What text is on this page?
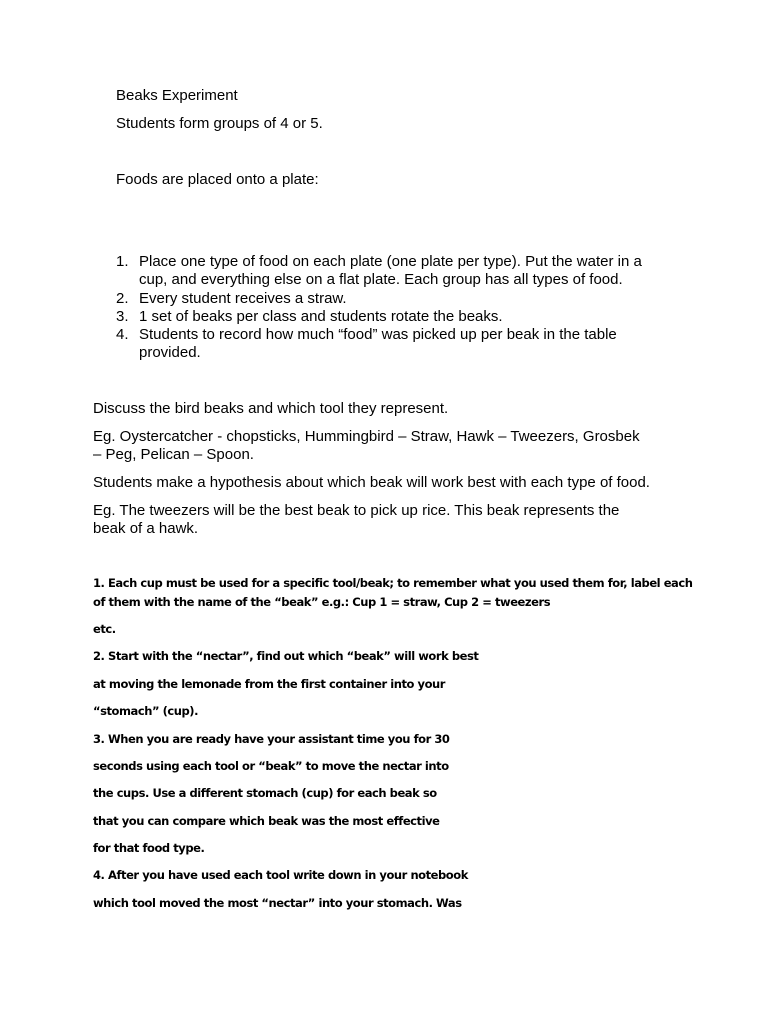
Beaks Experiment
Students form groups of 4 or 5.
Foods are placed onto a plate:
1. Place one type of food on each plate (one plate per type). Put the water in a
cup, and everything else on a flat plate. Each group has all types of food.
2. Every student receives a straw.
3. 1 set of beaks per class and students rotate the beaks.
4. Students to record how much “food” was picked up per beak in the table
provided.
Discuss the bird beaks and which tool they represent.
Eg. Oystercatcher - chopsticks, Hummingbird – Straw, Hawk – Tweezers, Grosbek
– Peg, Pelican – Spoon.
Students make a hypothesis about which beak will work best with each type of food.
Eg. The tweezers will be the best beak to pick up rice. This beak represents the
beak of a hawk.
1. Each cup must be used for a specific tool/beak; to remember what you used them for, label each
of them with the name of the “beak” e.g.: Cup 1 = straw, Cup 2 = tweezers
etc.
2. Start with the “nectar”, find out which “beak” will work best
at moving the lemonade from the first container into your
“stomach” (cup).
3. When you are ready have your assistant time you for 30
seconds using each tool or “beak” to move the nectar into
the cups. Use a different stomach (cup) for each beak so
that you can compare which beak was the most effective
for that food type.
4. After you have used each tool write down in your notebook
which tool moved the most “nectar” into your stomach. Was
